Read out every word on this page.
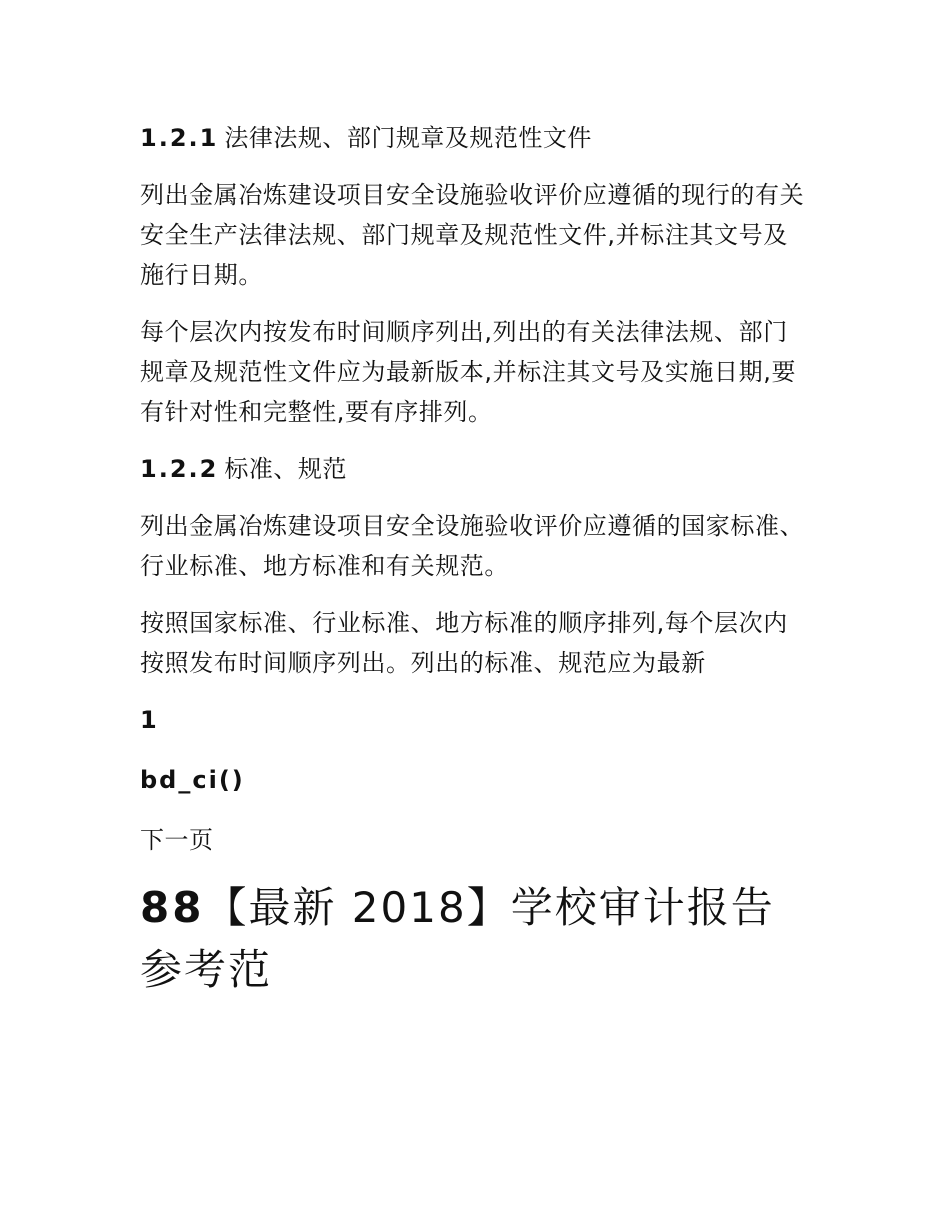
1.2.1 法律法规、部门规章及规范性文件

列出金属冶炼建设项目安全设施验收评价应遵循的现行的有关安全生产法律法规、部门规章及规范性文件,并标注其文号及施行日期。

每个层次内按发布时间顺序列出,列出的有关法律法规、部门规章及规范性文件应为最新版本,并标注其文号及实施日期,要有针对性和完整性,要有序排列。

1.2.2 标准、规范

列出金属冶炼建设项目安全设施验收评价应遵循的国家标准、行业标准、地方标准和有关规范。

按照国家标准、行业标准、地方标准的顺序排列,每个层次内按照发布时间顺序列出。列出的标准、规范应为最新

1
bd_ci()
下一页
88【最新 2018】学校审计报告参考范
